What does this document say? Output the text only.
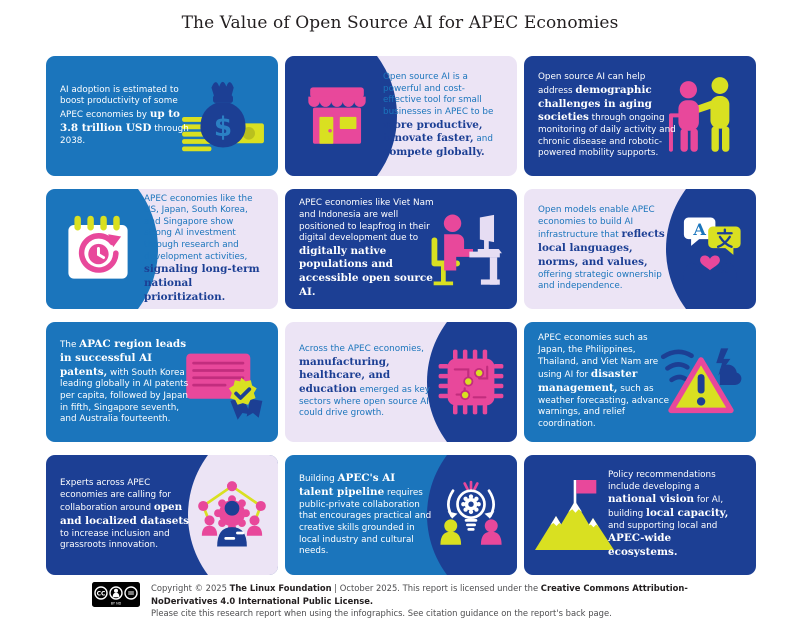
The Value of Open Source AI for APEC Economies
$

AI adoption is estimated to boost productivity of some APEC economies by up to 3.8 trillion USD through 2038.

Open source AI is a powerful and cost-effective tool for small businesses in APEC to be more productive, innovate faster, and compete globally.

Open source AI can help address demographic challenges in aging societies through ongoing monitoring of daily activity and chronic disease and robotic-powered mobility supports.

APEC economies like the US, Japan, South Korea, and Singapore show strong AI investment through research and development activities, signaling long-term national prioritization.

APEC economies like Viet Nam and Indonesia are well positioned to leapfrog in their digital development due to digitally native populations and accessible open source AI.

A

Open models enable APEC economies to build AI infrastructure that reflects local languages, norms, and values, offering strategic ownership and independence.

The APAC region leads in successful AI patents, with South Korea leading globally in AI patents per capita, followed by Japan in fifth, Singapore seventh, and Australia fourteenth.

Across the APEC economies, manufacturing, healthcare, and education emerged as key sectors where open source AI could drive growth.

APEC economies such as Japan, the Philippines, Thailand, and Viet Nam are using AI for disaster management, such as weather forecasting, advance warnings, and relief coordination.

Experts across APEC economies are calling for collaboration around open and localized datasets to increase inclusion and grassroots innovation.

Building APEC's AI talent pipeline requires public-private collaboration that encourages practical and creative skills grounded in local industry and cultural needs.

Policy recommendations include developing a national vision for AI, building local capacity, and supporting local and APEC-wide ecosystems.

CC =
BY ND
Copyright © 2025 The Linux Foundation | October 2025. This report is licensed under the Creative Commons Attribution-NoDerivatives 4.0 International Public License.
Please cite this research report when using the infographics. See citation guidance on the report's back page.
